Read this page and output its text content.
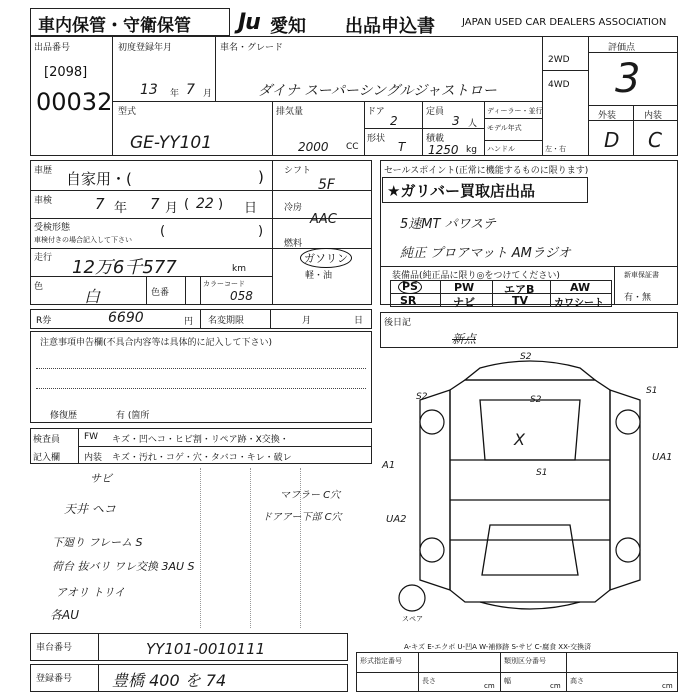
車内保管・守衛保管 Ju 愛知 出品申込書	JAPAN USED CAR DEALERS ASSOCIATION
出品番号
[2098]
00032
初度登録年月
13 年 7 月
車名・グレード
ダイナ スーパーシングルジャストロー
2WD
4WD
評価点
3
型式
GE-YY101
排気量
2000 CC
ドア
2
定員
3 人
形状
T
積載
1250 kg
ディーラー・並行
モデル年式
ハンドル	左・右
外装	内装
D C
車歴 自家用・(	)
車検	7 年 7 月 ( 22 ) 日
受検形態
車検付きの場合記入して下さい
(	)
走行 12万6千577	km
色	白	色番
カラーコード
058
シフト
5F
冷房
AAC
燃料
ガソリン
軽・油
セールスポイント(正常に機能するものに限ります)
★ガリバー買取店出品
5速MT パワステ
純正 プロアマット AMラジオ
装備品(純正品に限り◎をつけてください)	新車保証書
有・無
PS	PW	エアB	AW
SR	ナビ	TV	カワシート
R券	6690	円 名変期限	月	日
注意事項申告欄(不具合内容等は具体的に記入して下さい)
修復歴	有 (箇所
後日記
新点
検査員
記入欄
FW キズ・凹ヘコ・ヒビ割・リペア跡・X交換・
内装 キズ・汚れ・コゲ・穴・タバコ・キレ・破レ
サビ
天井 ヘコ
マフラー C穴
ドアアー下部 C穴
下廻り フレーム S
荷台 抜バリ ワレ交換 3AU S
アオリ トリイ
各AU
S2
S2	S2
S1
A1
UA1
UA2
X
S1
スペア
A-キズ E-エクボ U-凹A W-補修跡 S-サビ C-腐食 XX-交換済
車台番号	YY101-0010111
登録番号 豊橋 400 を 74
形式指定番号	類別区分番号
長さ	幅	高さ
cm	cm	cm
